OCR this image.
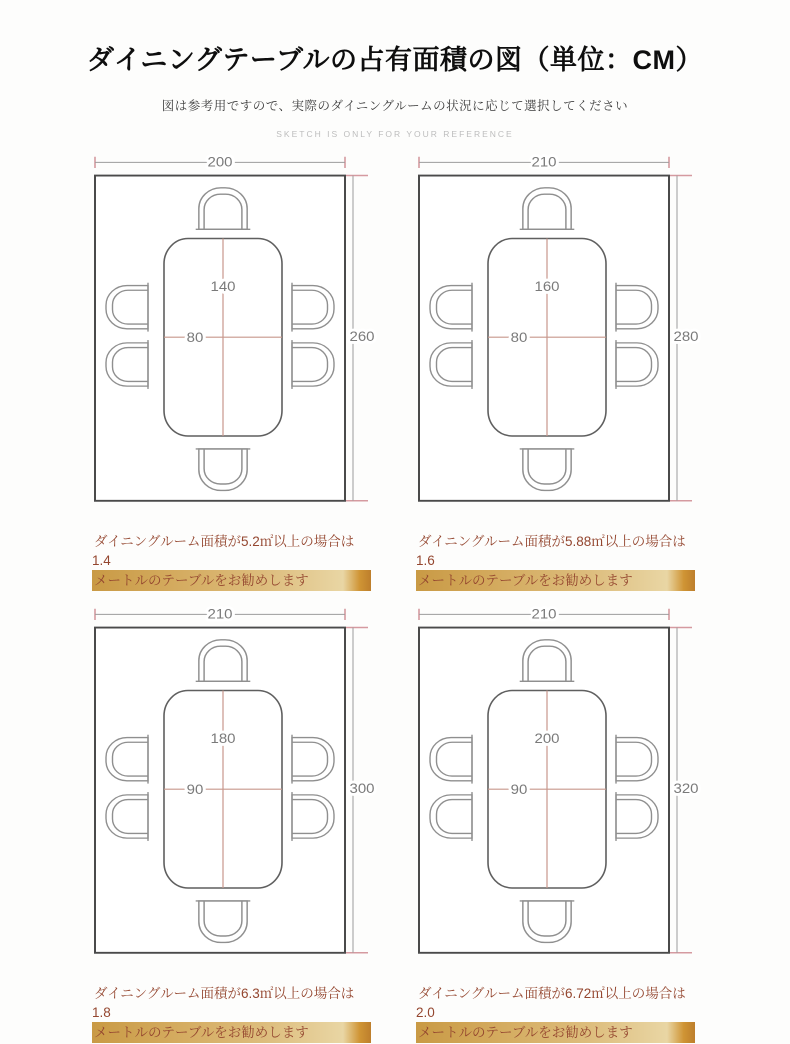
ダイニングテーブルの占有面積の図（単位：CM）
図は参考用ですので、実際のダイニングルームの状況に応じて選択してください
SKETCH IS ONLY FOR YOUR REFERENCE
200
260
140
80
ダイニングルーム面積が5.2㎡以上の場合は1.4
メートルのテーブルをお勧めします
210
280
160
80
ダイニングルーム面積が5.88㎡以上の場合は1.6
メートルのテーブルをお勧めします
210
300
180
90
ダイニングルーム面積が6.3㎡以上の場合は1.8
メートルのテーブルをお勧めします
210
320
200
90
ダイニングルーム面積が6.72㎡以上の場合は2.0
メートルのテーブルをお勧めします
